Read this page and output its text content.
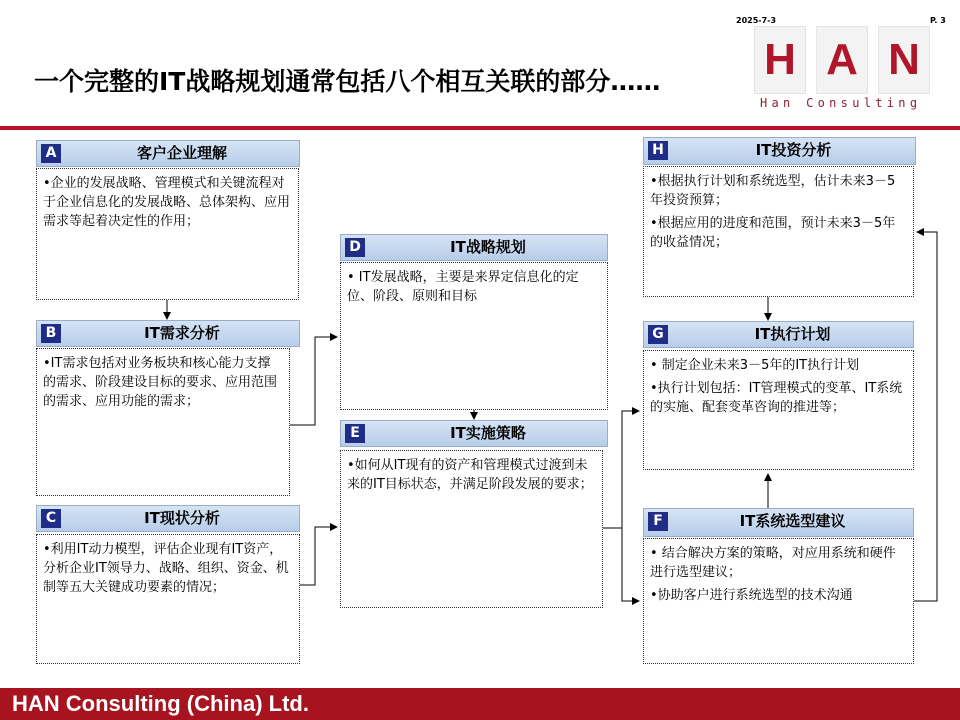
一个完整的IT战略规划通常包括八个相互关联的部分…… H A N
Han Consulting
A	客户企业理解

•企业的发展战略、管理模式和关键流程对于企业信息化的发展战略、总体架构、应用需求等起着决定性的作用；

B	IT需求分析

•IT需求包括对业务板块和核心能力支撑的需求、阶段建设目标的要求、应用范围的需求、应用功能的需求；

C	IT现状分析

•利用IT动力模型，评估企业现有IT资产，分析企业IT领导力、战略、组织、资金、机制等五大关键成功要素的情况；

D	IT战略规划

• IT发展战略，主要是来界定信息化的定位、阶段、原则和目标

E	IT实施策略

•如何从IT现有的资产和管理模式过渡到未来的IT目标状态，并满足阶段发展的要求；

H	IT投资分析

•根据执行计划和系统选型，估计未来3－5年投资预算；

•根据应用的进度和范围，预计未来3－5年的收益情况；

G	IT执行计划

• 制定企业未来3－5年的IT执行计划

•执行计划包括：IT管理模式的变革、IT系统的实施、配套变革咨询的推进等；

F	IT系统选型建议

• 结合解决方案的策略，对应用系统和硬件进行选型建议；

•协助客户进行系统选型的技术沟通

HAN Consulting (China) Ltd.
2025-7-3	P. 3
